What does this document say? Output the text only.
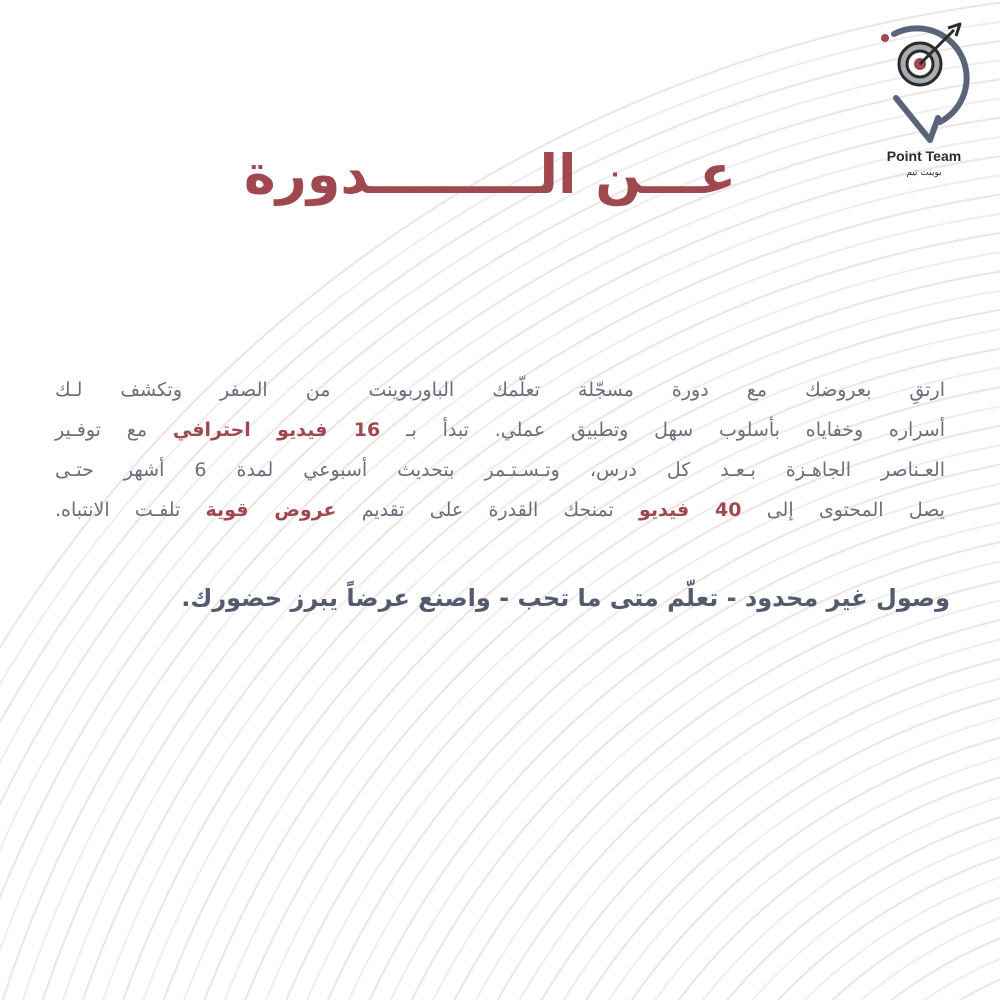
Point Team
بوينت تيم
عـــن الـــــــــدورة
ارتقِ بعروضك مع دورة مسجّلة تعلّمك الباوربوينت من الصفر وتكشف لـك
أسراره وخفاياه بأسلوب سهل وتطبيق عملي. تبدأ بـ 16 فيديو احترافي مع توفـير
العـناصر الجاهـزة بـعـد كل درس، وتـسـتـمر بتحديث أسبوعي لمدة 6 أشهر حتـى
يصل المحتوى إلى 40 فيديو تمنحك القدرة على تقديم عروض قوية تلفـت الانتباه.
وصول غير محدود - تعلّم متى ما تحب - واصنع عرضاً يبرز حضورك.
